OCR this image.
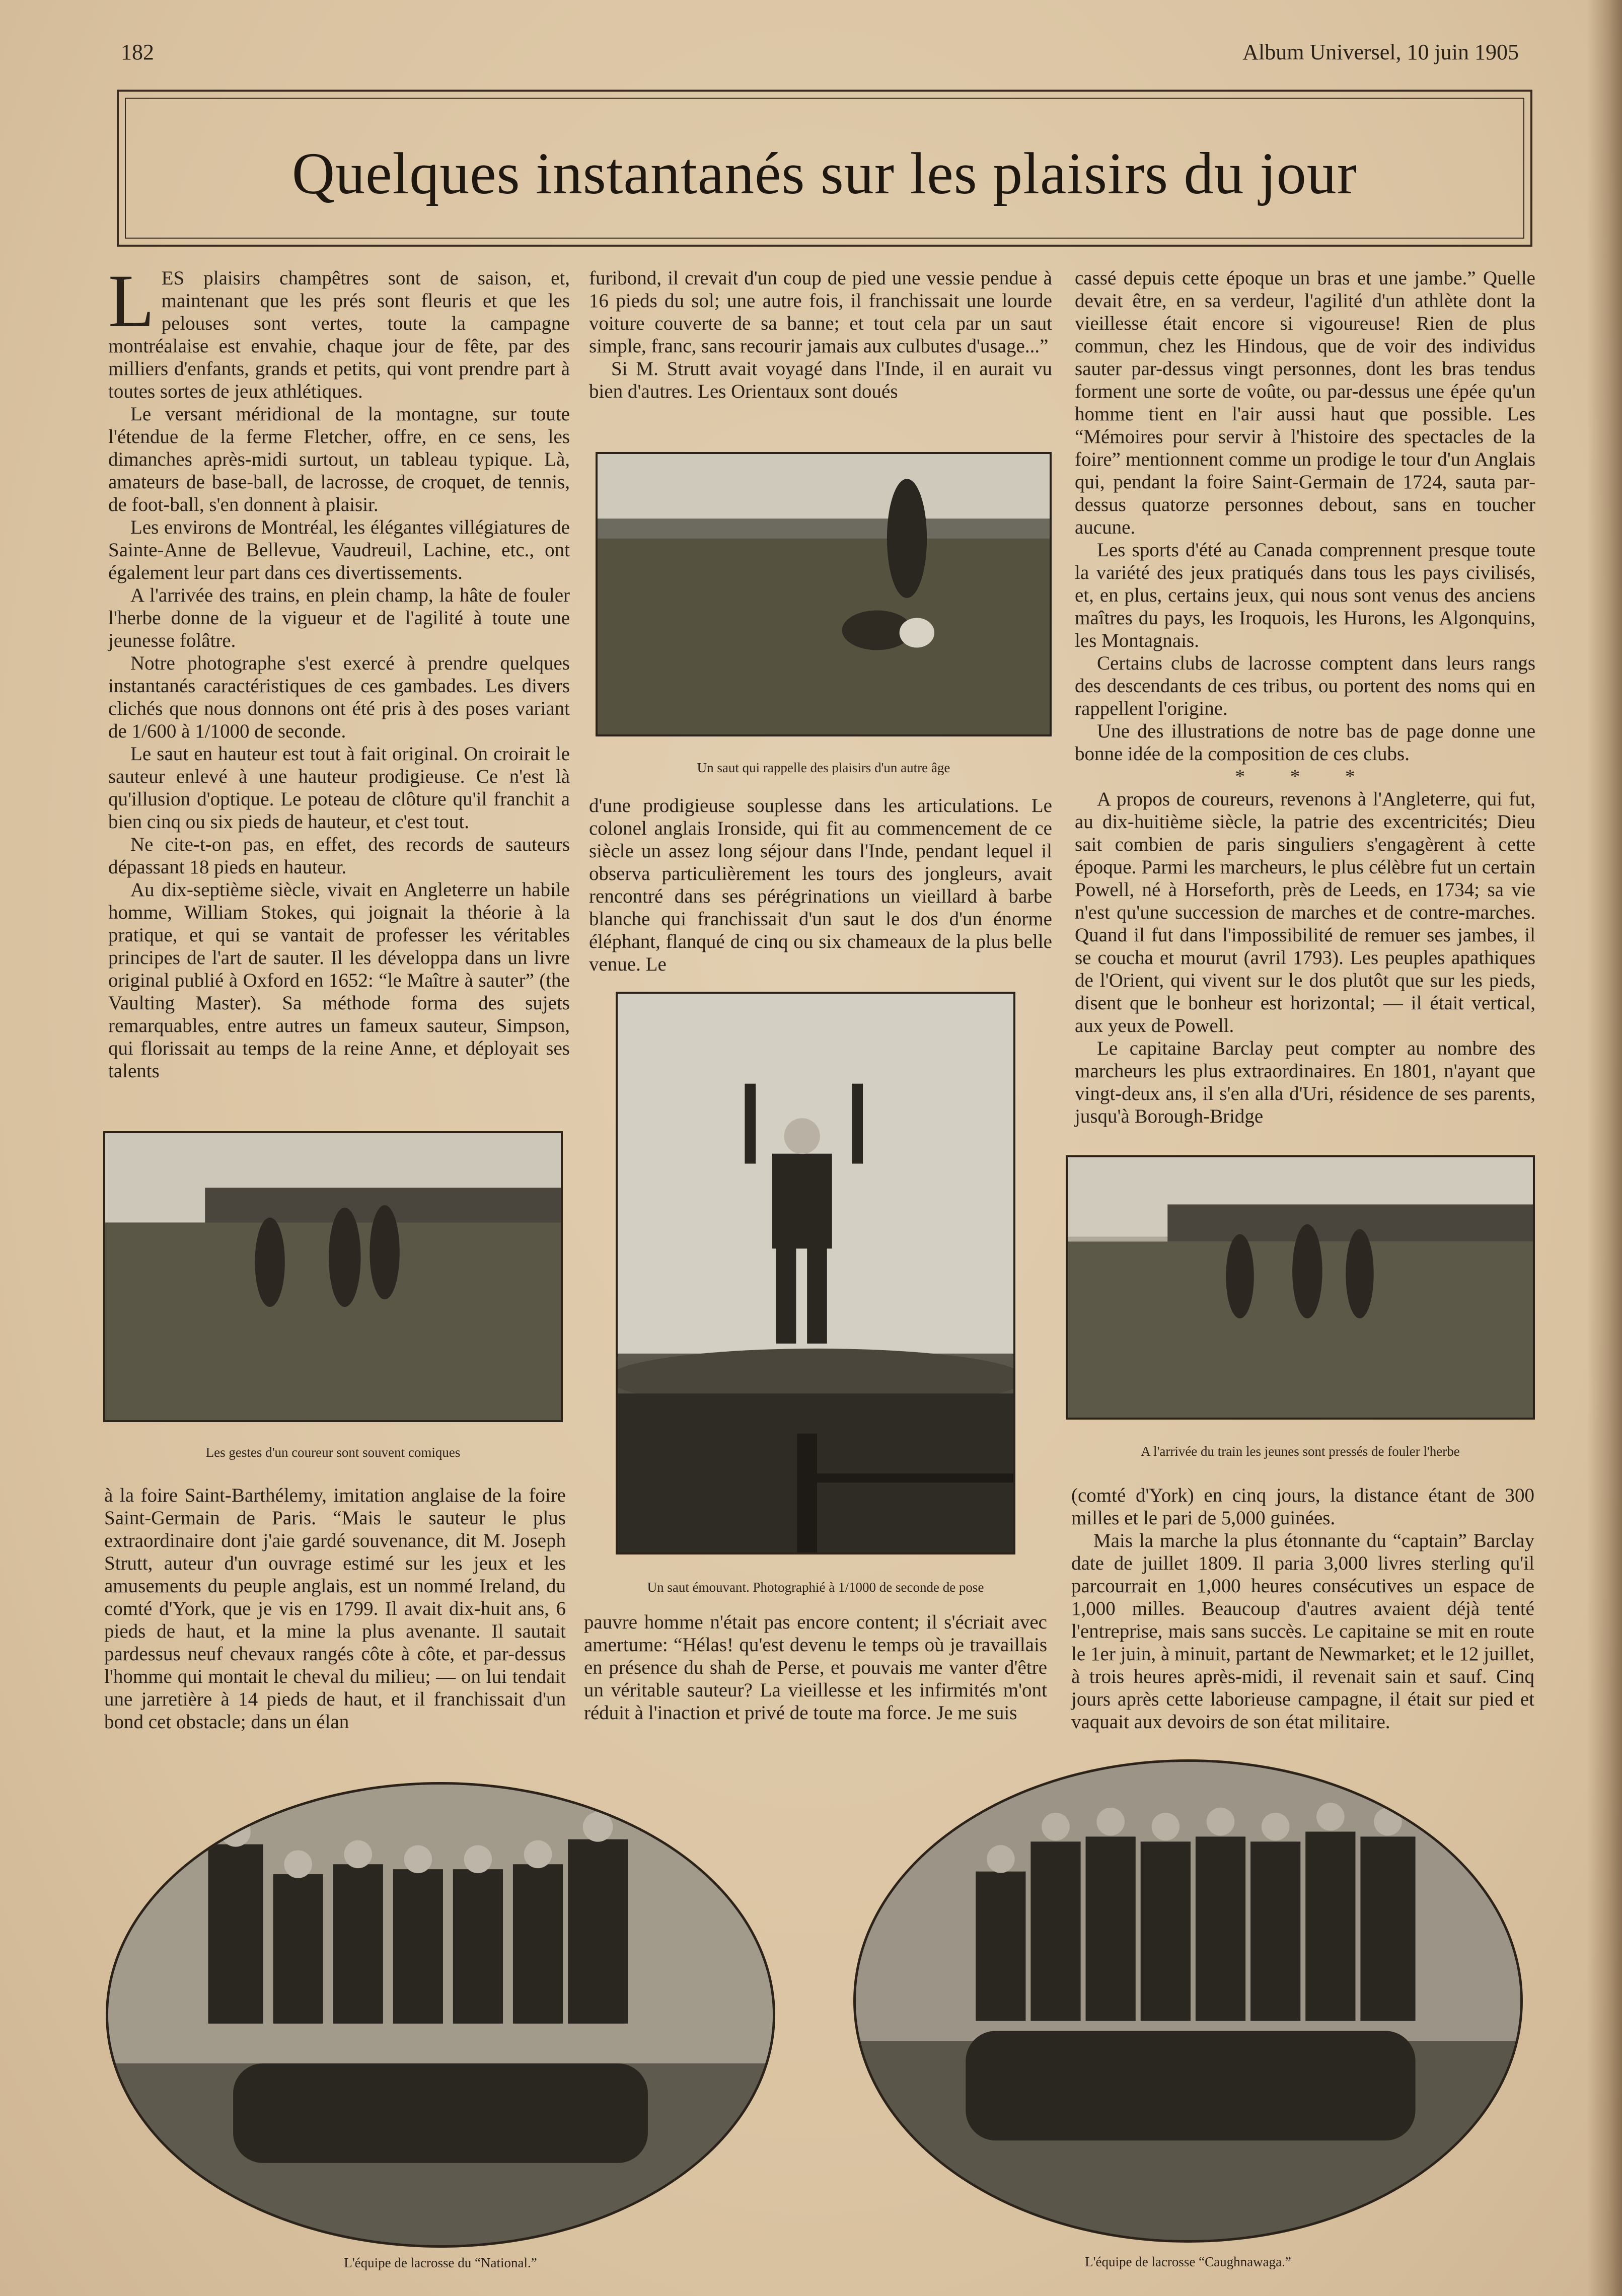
182	Album Universel, 10 juin 1905
Quelques instantanés sur les plaisirs du jour
L ES plaisirs champêtres sont de saison, et, maintenant que les prés sont fleuris et que les pelouses sont vertes, toute la campagne montréalaise est envahie, chaque jour de fête, par des milliers d'enfants, grands et petits, qui vont prendre part à toutes sortes de jeux athlétiques.

Le versant méridional de la montagne, sur toute l'étendue de la ferme Fletcher, offre, en ce sens, les dimanches après-midi surtout, un tableau typique. Là, amateurs de base-ball, de lacrosse, de croquet, de tennis, de foot-ball, s'en donnent à plaisir.

Les environs de Montréal, les élégantes villégiatures de Sainte-Anne de Bellevue, Vaudreuil, Lachine, etc., ont également leur part dans ces divertissements.

A l'arrivée des trains, en plein champ, la hâte de fouler l'herbe donne de la vigueur et de l'agilité à toute une jeunesse folâtre.

Notre photographe s'est exercé à prendre quelques instantanés caractéristiques de ces gambades. Les divers clichés que nous donnons ont été pris à des poses variant de 1/600 à 1/1000 de seconde.

Le saut en hauteur est tout à fait original. On croirait le sauteur enlevé à une hauteur prodigieuse. Ce n'est là qu'illusion d'optique. Le poteau de clôture qu'il franchit a bien cinq ou six pieds de hauteur, et c'est tout.

Ne cite-t-on pas, en effet, des records de sauteurs dépassant 18 pieds en hauteur.

Au dix-septième siècle, vivait en Angleterre un habile homme, William Stokes, qui joignait la théorie à la pratique, et qui se vantait de professer les véritables principes de l'art de sauter. Il les développa dans un livre original publié à Oxford en 1652: “le Maître à sauter” (the Vaulting Master). Sa méthode forma des sujets remarquables, entre autres un fameux sauteur, Simpson, qui florissait au temps de la reine Anne, et déployait ses talents

furibond, il crevait d'un coup de pied une vessie pendue à 16 pieds du sol; une autre fois, il franchissait une lourde voiture couverte de sa banne; et tout cela par un saut simple, franc, sans recourir jamais aux culbutes d'usage...”

Si M. Strutt avait voyagé dans l'Inde, il en aurait vu bien d'autres. Les Orientaux sont doués

cassé depuis cette époque un bras et une jambe.” Quelle devait être, en sa verdeur, l'agilité d'un athlète dont la vieillesse était encore si vigoureuse! Rien de plus commun, chez les Hindous, que de voir des individus sauter par-dessus vingt personnes, dont les bras tendus forment une sorte de voûte, ou par-dessus une épée qu'un homme tient en l'air aussi haut que possible. Les “Mémoires pour servir à l'histoire des spectacles de la foire” mentionnent comme un prodige le tour d'un Anglais qui, pendant la foire Saint-Germain de 1724, sauta par-dessus quatorze personnes debout, sans en toucher aucune.

Les sports d'été au Canada comprennent presque toute la variété des jeux pratiqués dans tous les pays civilisés, et, en plus, certains jeux, qui nous sont venus des anciens maîtres du pays, les Iroquois, les Hurons, les Algonquins, les Montagnais.

Certains clubs de lacrosse comptent dans leurs rangs des descendants de ces tribus, ou portent des noms qui en rappellent l'origine.

Une des illustrations de notre bas de page donne une bonne idée de la composition de ces clubs.

* * *

A propos de coureurs, revenons à l'Angleterre, qui fut, au dix-huitième siècle, la patrie des excentricités; Dieu sait combien de paris singuliers s'engagèrent à cette époque. Parmi les marcheurs, le plus célèbre fut un certain Powell, né à Horseforth, près de Leeds, en 1734; sa vie n'est qu'une succession de marches et de contre-marches. Quand il fut dans l'impossibilité de remuer ses jambes, il se coucha et mourut (avril 1793). Les peuples apathiques de l'Orient, qui vivent sur le dos plutôt que sur les pieds, disent que le bonheur est horizontal; — il était vertical, aux yeux de Powell.

Le capitaine Barclay peut compter au nombre des marcheurs les plus extraordinaires. En 1801, n'ayant que vingt-deux ans, il s'en alla d'Uri, résidence de ses parents, jusqu'à Borough-Bridge

Un saut qui rappelle des plaisirs d'un autre âge

d'une prodigieuse souplesse dans les articulations. Le colonel anglais Ironside, qui fit au commencement de ce siècle un assez long séjour dans l'Inde, pendant lequel il observa particulièrement les tours des jongleurs, avait rencontré dans ses pérégrinations un vieillard à barbe blanche qui franchissait d'un saut le dos d'un énorme éléphant, flanqué de cinq ou six chameaux de la plus belle venue. Le

Les gestes d'un coureur sont souvent comiques
Un saut émouvant. Photographié à 1/1000 de seconde de pose
A l'arrivée du train les jeunes sont pressés de fouler l'herbe

à la foire Saint-Barthélemy, imitation anglaise de la foire Saint-Germain de Paris. “Mais le sauteur le plus extraordinaire dont j'aie gardé souvenance, dit M. Joseph Strutt, auteur d'un ouvrage estimé sur les jeux et les amusements du peuple anglais, est un nommé Ireland, du comté d'York, que je vis en 1799. Il avait dix-huit ans, 6 pieds de haut, et la mine la plus avenante. Il sautait pardessus neuf chevaux rangés côte à côte, et par-dessus l'homme qui montait le cheval du milieu; — on lui tendait une jarretière à 14 pieds de haut, et il franchissait d'un bond cet obstacle; dans un élan

pauvre homme n'était pas encore content; il s'écriait avec amertume: “Hélas! qu'est devenu le temps où je travaillais en présence du shah de Perse, et pouvais me vanter d'être un véritable sauteur? La vieillesse et les infirmités m'ont réduit à l'inaction et privé de toute ma force. Je me suis

(comté d'York) en cinq jours, la distance étant de 300 milles et le pari de 5,000 guinées.

Mais la marche la plus étonnante du “captain” Barclay date de juillet 1809. Il paria 3,000 livres sterling qu'il parcourrait en 1,000 heures consécutives un espace de 1,000 milles. Beaucoup d'autres avaient déjà tenté l'entreprise, mais sans succès. Le capitaine se mit en route le 1er juin, à minuit, partant de Newmarket; et le 12 juillet, à trois heures après-midi, il revenait sain et sauf. Cinq jours après cette laborieuse campagne, il était sur pied et vaquait aux devoirs de son état militaire.

L'équipe de lacrosse du “National.”	L'équipe de lacrosse “Caughnawaga.”
